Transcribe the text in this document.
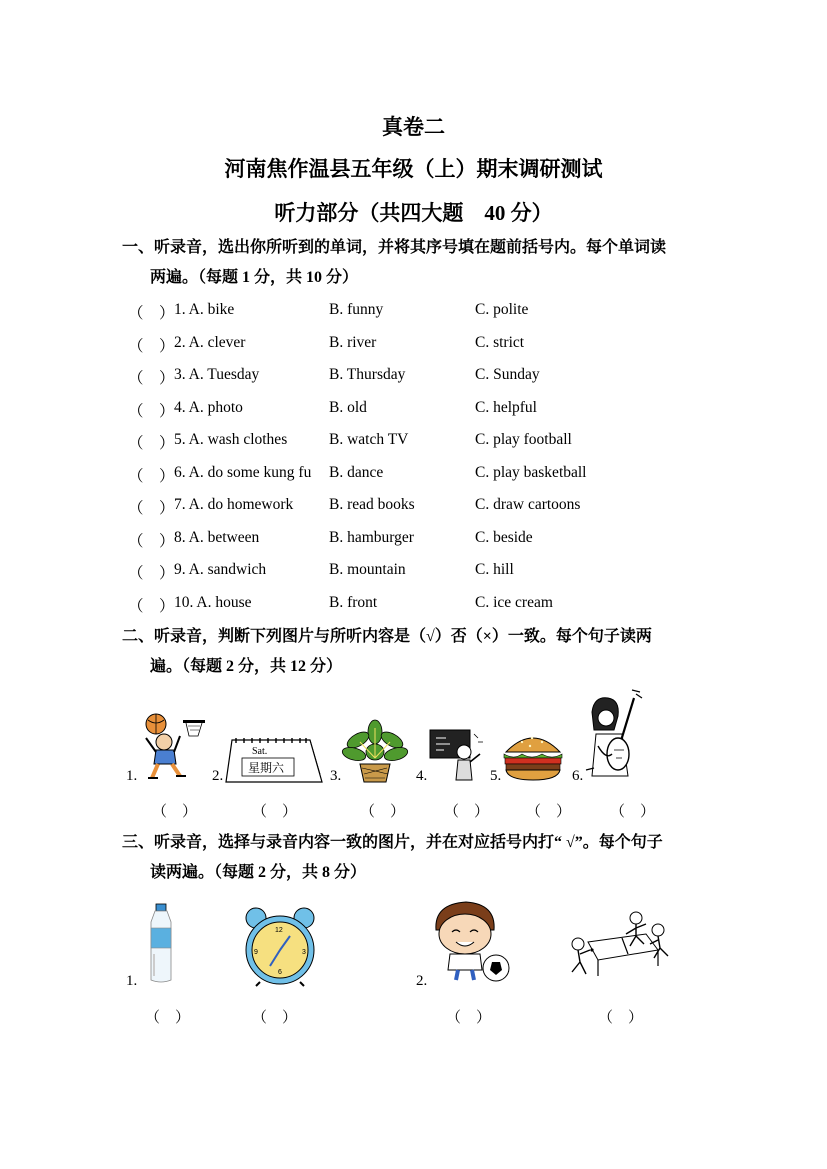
真卷二
河南焦作温县五年级（上）期末调研测试
听力部分（共四大题　40 分）
一、听录音，选出你所听到的单词，并将其序号填在题前括号内。每个单词读
两遍。（每题 1 分，共 10 分）
（　） 1. A. bike	B. funny	C. polite
（　） 2. A. clever	B. river	C. strict
（　） 3. A. Tuesday	B. Thursday	C. Sunday
（　） 4. A. photo	B. old	C. helpful
（　） 5. A. wash clothes	B. watch TV	C. play football
（　） 6. A. do some kung fu B. dance	C. play basketball
（　） 7. A. do homework B. read books	C. draw cartoons
（　） 8. A. between	B. hamburger	C. beside
（　） 9. A. sandwich	B. mountain	C. hill
（　） 10. A. house	B. front	C. ice cream
二、听录音，判断下列图片与所听内容是（√）否（×）一致。每个句子读两
遍。（每题 2 分，共 12 分）
1.	2.	3.	4.	5.	6.
Sat.
星期六
（　）	（　）	（　）	（　） （　）	（　）
三、听录音，选择与录音内容一致的图片，并在对应括号内打“ √”。每个句子
读两遍。（每题 2 分，共 8 分）
1.	2.
12
3
6
9
（　）	（　）	（　）	（　）
